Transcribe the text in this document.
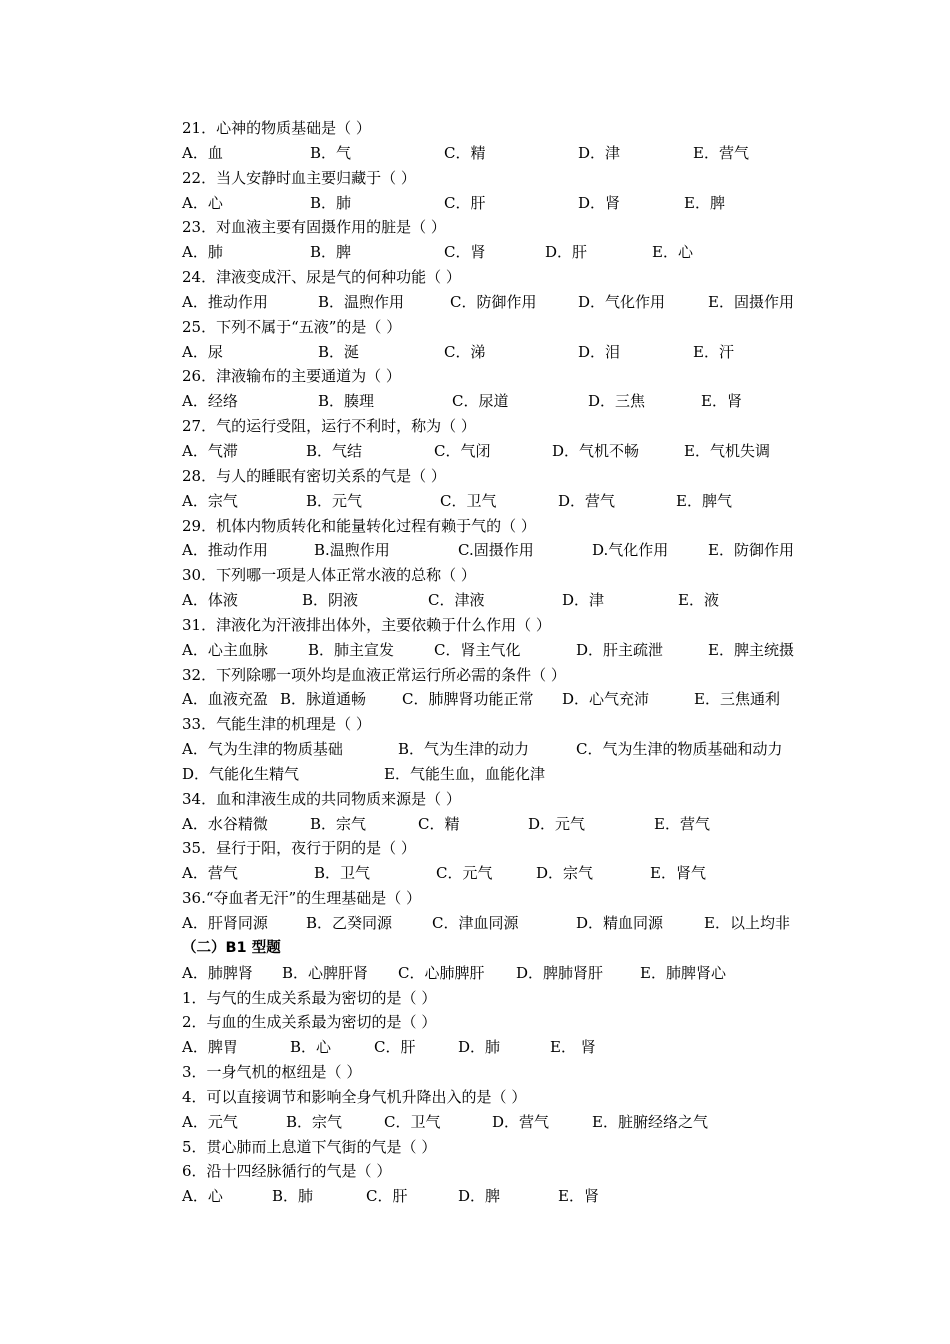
21．心神的物质基础是（ ）
A．血	B．气	C．精	D．津	E．营气
22．当人安静时血主要归藏于（ ）
A．心	B．肺	C．肝	D．肾	E．脾
23．对血液主要有固摄作用的脏是（ ）
A．肺	B．脾	C．肾	D．肝	E．心
24．津液变成汗、尿是气的何种功能（ ）
A．推动作用	B．温煦作用	C．防御作用	D．气化作用	E．固摄作用
25．下列不属于“五液”的是（ ）
A．尿	B．涎	C．涕	D．泪	E．汗
26．津液输布的主要通道为（ ）
A．经络	B．腠理	C．尿道	D．三焦	E．肾
27．气的运行受阻，运行不利时，称为（ ）
A．气滞	B．气结	C．气闭	D．气机不畅	E．气机失调
28．与人的睡眠有密切关系的气是（ ）
A．宗气	B．元气	C．卫气	D．营气	E．脾气
29．机体内物质转化和能量转化过程有赖于气的（ ）
A．推动作用	B.温煦作用	C.固摄作用	D.气化作用	E．防御作用
30．下列哪一项是人体正常水液的总称（ ）
A．体液	B．阴液	C．津液	D．津	E．液
31．津液化为汗液排出体外，主要依赖于什么作用（ ）
A．心主血脉	B．肺主宣发	C．肾主气化	D．肝主疏泄	E．脾主统摄
32．下列除哪一项外均是血液正常运行所必需的条件（ ）
A．血液充盈 B．脉道通畅 C．肺脾肾功能正常 D．心气充沛	E．三焦通利
33．气能生津的机理是（ ）
A．气为生津的物质基础	B．气为生津的动力	C．气为生津的物质基础和动力
D．气能化生精气	E．气能生血，血能化津
34．血和津液生成的共同物质来源是（ ）
A．水谷精微	B．宗气	C．精	D．元气	E．营气
35．昼行于阳，夜行于阴的是（ ）
A．营气	B．卫气	C．元气	D．宗气	E．肾气
36.“夺血者无汗”的生理基础是（ ）
A．肝肾同源	B．乙癸同源	C．津血同源	D．精血同源	E．以上均非
（二）B1 型题
A．肺脾肾 B．心脾肝肾 C．心肺脾肝 D．脾肺肾肝 E．肺脾肾心
1．与气的生成关系最为密切的是（ ）
2．与血的生成关系最为密切的是（ ）
A．脾胃	B．心	C．肝	D．肺	E． 肾
3．一身气机的枢纽是（ ）
4．可以直接调节和影响全身气机升降出入的是（ ）
A．元气	B．宗气	C．卫气	D．营气	E．脏腑经络之气
5．贯心肺而上息道下气街的气是（ ）
6．沿十四经脉循行的气是（ ）
A．心	B．肺	C．肝	D．脾	E．肾
